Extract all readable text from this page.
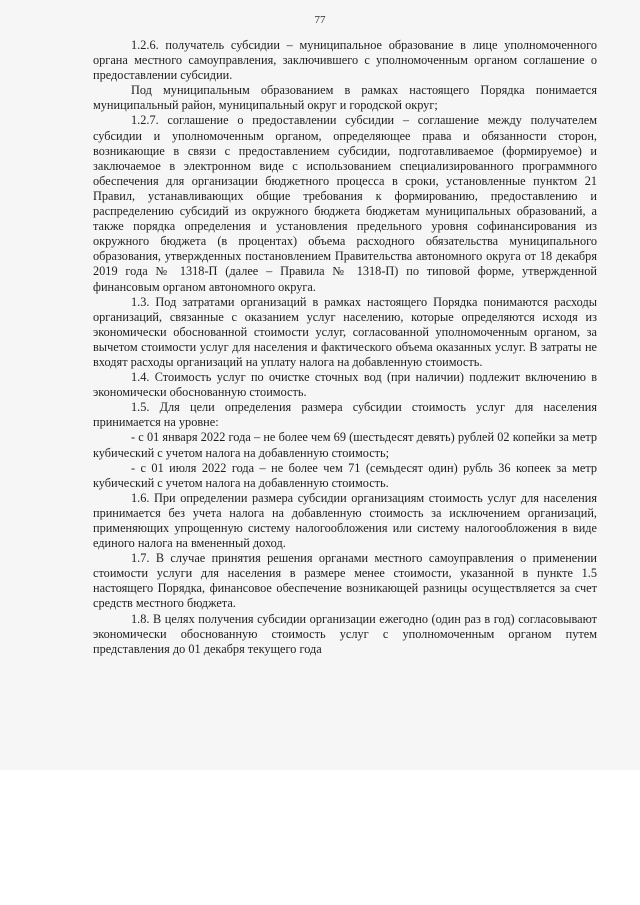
77

1.2.6. получатель субсидии – муниципальное образование в лице уполномоченного органа местного самоуправления, заключившего с уполномоченным органом соглашение о предоставлении субсидии.

Под муниципальным образованием в рамках настоящего Порядка понимается муниципальный район, муниципальный округ и городской округ;

1.2.7. соглашение о предоставлении субсидии – соглашение между получателем субсидии и уполномоченным органом, определяющее права и обязанности сторон, возникающие в связи с предоставлением субсидии, подготавливаемое (формируемое) и заключаемое в электронном виде с использованием специализированного программного обеспечения для организации бюджетного процесса в сроки, установленные пунктом 21 Правил, устанавливающих общие требования к формированию, предоставлению и распределению субсидий из окружного бюджета бюджетам муниципальных образований, а также порядка определения и установления предельного уровня софинансирования из окружного бюджета (в процентах) объема расходного обязательства муниципального образования, утвержденных постановлением Правительства автономного округа от 18 декабря 2019 года № 1318-П (далее – Правила № 1318-П) по типовой форме, утвержденной финансовым органом автономного округа.

1.3. Под затратами организаций в рамках настоящего Порядка понимаются расходы организаций, связанные с оказанием услуг населению, которые определяются исходя из экономически обоснованной стоимости услуг, согласованной уполномоченным органом, за вычетом стоимости услуг для населения и фактического объема оказанных услуг. В затраты не входят расходы организаций на уплату налога на добавленную стоимость.

1.4. Стоимость услуг по очистке сточных вод (при наличии) подлежит включению в экономически обоснованную стоимость.

1.5. Для цели определения размера субсидии стоимость услуг для населения принимается на уровне:

- с 01 января 2022 года – не более чем 69 (шестьдесят девять) рублей 02 копейки за метр кубический с учетом налога на добавленную стоимость;

- с 01 июля 2022 года – не более чем 71 (семьдесят один) рубль 36 копеек за метр кубический с учетом налога на добавленную стоимость.

1.6. При определении размера субсидии организациям стоимость услуг для населения принимается без учета налога на добавленную стоимость за исключением организаций, применяющих упрощенную систему налогообложения или систему налогообложения в виде единого налога на вмененный доход.

1.7. В случае принятия решения органами местного самоуправления о применении стоимости услуги для населения в размере менее стоимости, указанной в пункте 1.5 настоящего Порядка, финансовое обеспечение возникающей разницы осуществляется за счет средств местного бюджета.

1.8. В целях получения субсидии организации ежегодно (один раз в год) согласовывают экономически обоснованную стоимость услуг с уполномоченным органом путем представления до 01 декабря текущего года
